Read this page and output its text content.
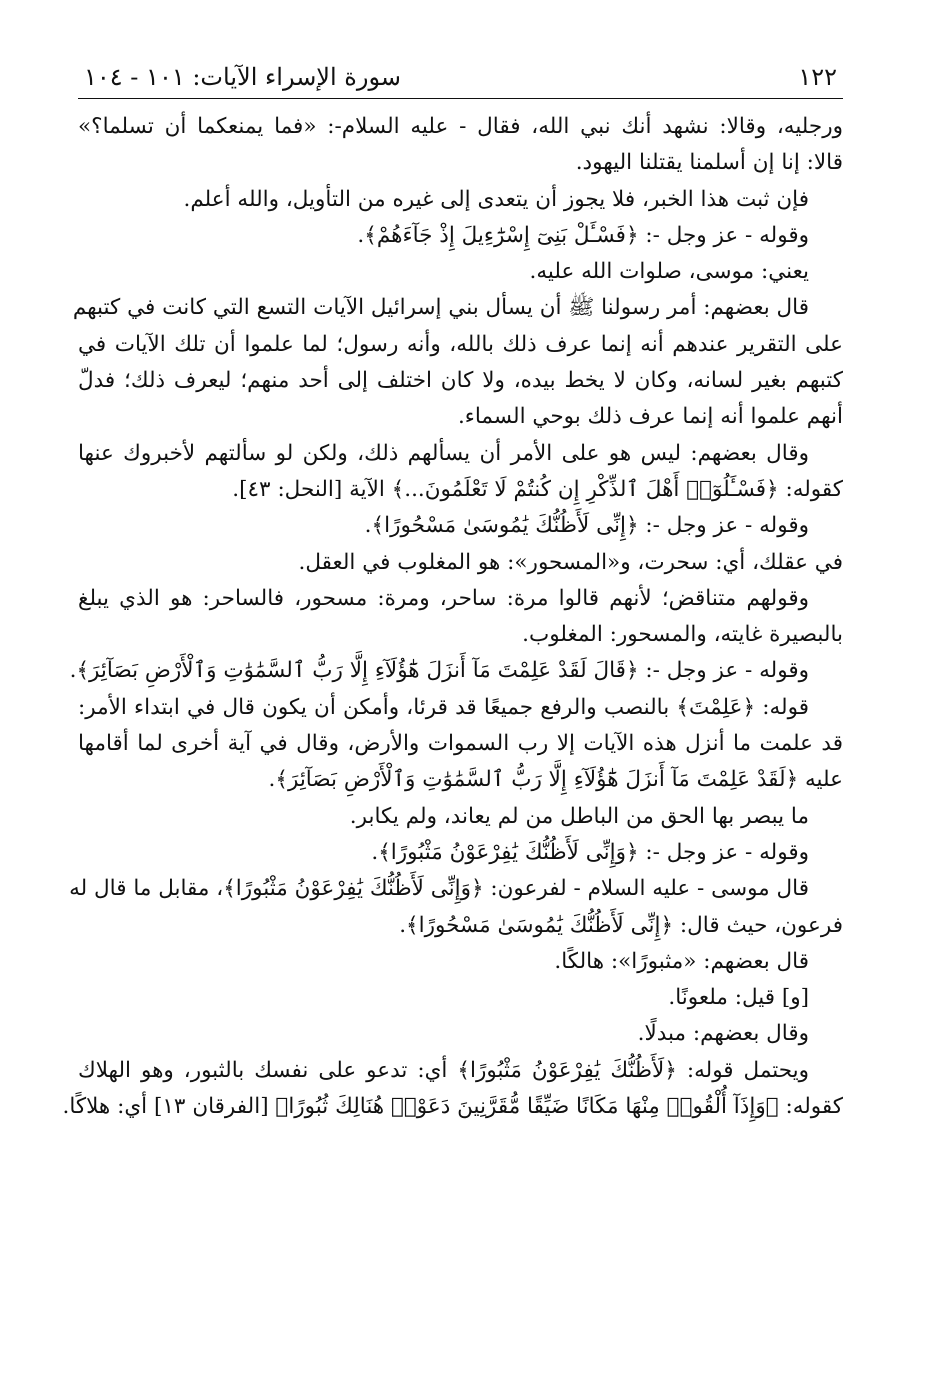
١٢٢
سورة الإسراء الآيات: ١٠١ - ١٠٤
ورجليه، وقالا: نشهد أنك نبي الله، فقال - عليه السلام-: «فما يمنعكما أن تسلما؟»
قالا: إنا إن أسلمنا يقتلنا اليهود.
فإن ثبت هذا الخبر، فلا يجوز أن يتعدى إلى غيره من التأويل، والله أعلم.
وقوله - عز وجل -: ﴿فَسْـَٔلْ بَنِىٓ إِسْرَٰٓءِيلَ إِذْ جَآءَهُمْ﴾.
يعني: موسى، صلوات الله عليه.
قال بعضهم: أمر رسولنا ﷺ أن يسأل بني إسرائيل الآيات التسع التي كانت في كتبهم
على التقرير عندهم أنه إنما عرف ذلك بالله، وأنه رسول؛ لما علموا أن تلك الآيات في
كتبهم بغير لسانه، وكان لا يخط بيده، ولا كان اختلف إلى أحد منهم؛ ليعرف ذلك؛ فدلّ
أنهم علموا أنه إنما عرف ذلك بوحي السماء.
وقال بعضهم: ليس هو على الأمر أن يسألهم ذلك، ولكن لو سألتهم لأخبروك عنها
كقوله: ﴿فَسْـَٔلُوٓا۟ أَهْلَ ٱلذِّكْرِ إِن كُنتُمْ لَا تَعْلَمُونَ...﴾ الآية [النحل: ٤٣].
وقوله - عز وجل -: ﴿إِنِّى لَأَظُنُّكَ يَٰمُوسَىٰ مَسْحُورًا﴾.
في عقلك، أي: سحرت، و«المسحور»: هو المغلوب في العقل.
وقولهم متناقض؛ لأنهم قالوا مرة: ساحر، ومرة: مسحور، فالساحر: هو الذي يبلغ
بالبصيرة غايته، والمسحور: المغلوب.
وقوله - عز وجل -: ﴿قَالَ لَقَدْ عَلِمْتَ مَآ أَنزَلَ هَٰٓؤُلَآءِ إِلَّا رَبُّ ٱلسَّمَٰوَٰتِ وَٱلْأَرْضِ بَصَآئِرَ﴾.
قوله: ﴿عَلِمْتَ﴾ بالنصب والرفع جميعًا قد قرئا، وأمكن أن يكون قال في ابتداء الأمر:
قد علمت ما أنزل هذه الآيات إلا رب السموات والأرض، وقال في آية أخرى لما أقامها
عليه ﴿لَقَدْ عَلِمْتَ مَآ أَنزَلَ هَٰٓؤُلَآءِ إِلَّا رَبُّ ٱلسَّمَٰوَٰتِ وَٱلْأَرْضِ بَصَآئِرَ﴾.
ما يبصر بها الحق من الباطل من لم يعاند، ولم يكابر.
وقوله - عز وجل -: ﴿وَإِنِّى لَأَظُنُّكَ يَٰفِرْعَوْنُ مَثْبُورًا﴾.
قال موسى - عليه السلام - لفرعون: ﴿وَإِنِّى لَأَظُنُّكَ يَٰفِرْعَوْنُ مَثْبُورًا﴾، مقابل ما قال له
فرعون، حيث قال: ﴿إِنِّى لَأَظُنُّكَ يَٰمُوسَىٰ مَسْحُورًا﴾.
قال بعضهم: «مثبورًا»: هالكًا.
[و] قيل: ملعونًا.
وقال بعضهم: مبدلًا.
ويحتمل قوله: ﴿لَأَظُنُّكَ يَٰفِرْعَوْنُ مَثْبُورًا﴾ أي: تدعو على نفسك بالثبور، وهو الهلاك
كقوله: ﴿وَإِذَآ أُلْقُوا۟ مِنْهَا مَكَانًا ضَيِّقًا مُّقَرَّنِينَ دَعَوْا۟ هُنَالِكَ ثُبُورًا﴾ [الفرقان ١٣] أي: هلاكًا.
